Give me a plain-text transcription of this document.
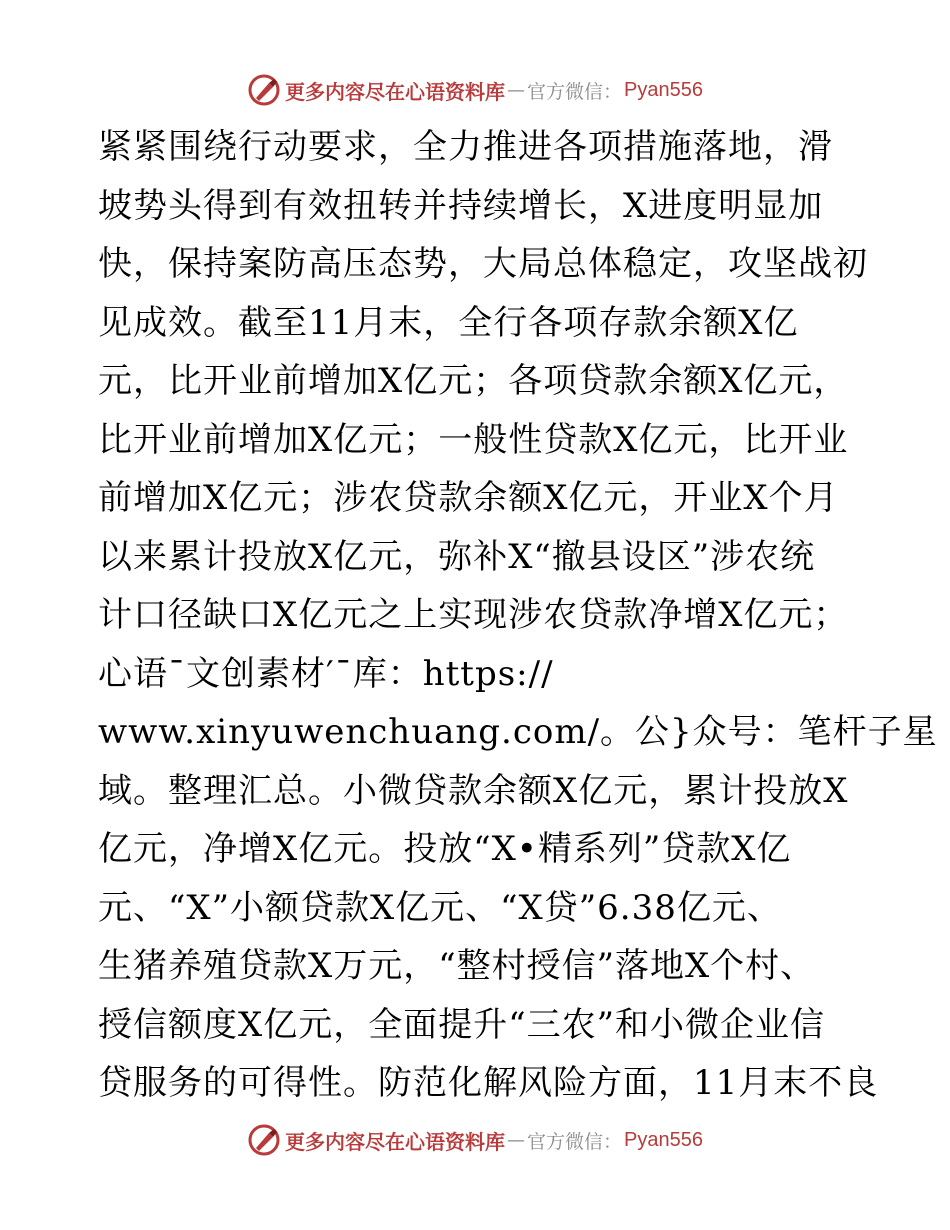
更多内容尽在心语资料库 — 官方微信： Pyan556
紧紧围绕行动要求，全力推进各项措施落地，滑
坡势头得到有效扭转并持续增长，X进度明显加
快，保持案防高压态势，大局总体稳定，攻坚战初
见成效。截至11月末，全行各项存款余额X亿
元，比开业前增加X亿元；各项贷款余额X亿元，
比开业前增加X亿元；一般性贷款X亿元，比开业
前增加X亿元；涉农贷款余额X亿元，开业X个月
以来累计投放X亿元，弥补X“撤县设区”涉农统
计口径缺口X亿元之上实现涉农贷款净增X亿元；
心语¯文创素材′¯库：https://
www.xinyuwenchuang.com/。公}众号：笔杆子星
域。整理汇总。小微贷款余额X亿元，累计投放X
亿元，净增X亿元。投放“X•精系列”贷款X亿
元、“X”小额贷款X亿元、“X贷”6.38亿元、
生猪养殖贷款X万元，“整村授信”落地X个村、
授信额度X亿元，全面提升“三农”和小微企业信
贷服务的可得性。防范化解风险方面，11月末不良
更多内容尽在心语资料库 — 官方微信： Pyan556
